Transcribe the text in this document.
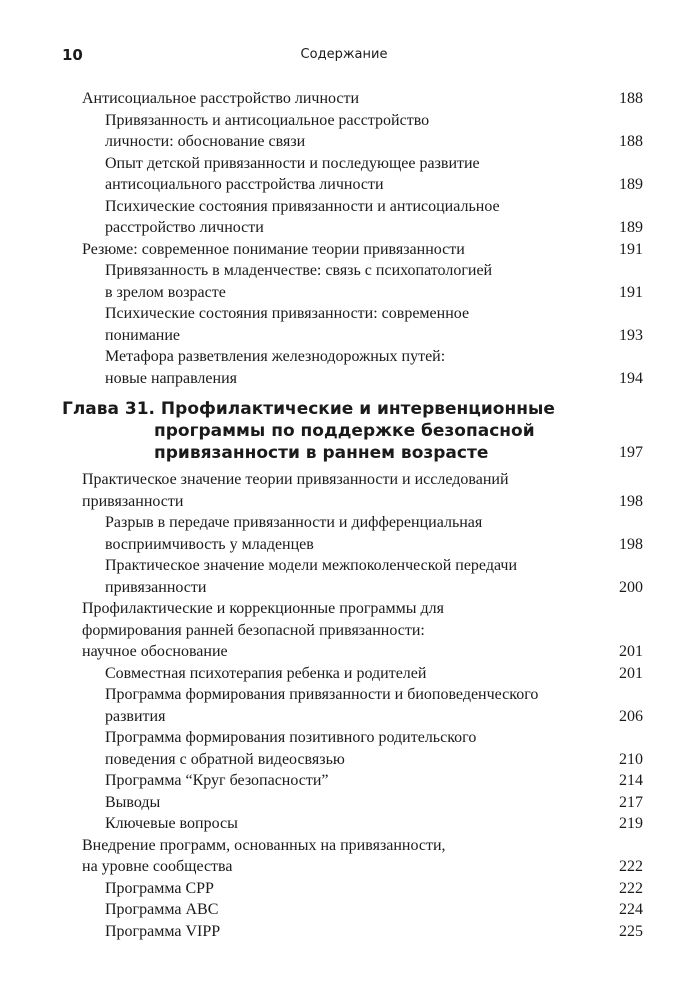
10	Содержание
Антисоциальное расстройство личности	188
Привязанность и антисоциальное расстройство
личности: обоснование связи	188
Опыт детской привязанности и последующее развитие
антисоциального расстройства личности	189
Психические состояния привязанности и антисоциальное
расстройство личности	189
Резюме: современное понимание теории привязанности	191
Привязанность в младенчестве: связь с психопатологией
в зрелом возрасте	191
Психические состояния привязанности: современное
понимание	193
Метафора разветвления железнодорожных путей:
новые направления	194
Глава 31. Профилактические и интервенционные
программы по поддержке безопасной
привязанности в раннем возрасте	197
Практическое значение теории привязанности и исследований
привязанности	198
Разрыв в передаче привязанности и дифференциальная
восприимчивость у младенцев	198
Практическое значение модели межпоколенческой передачи
привязанности	200
Профилактические и коррекционные программы для
формирования ранней безопасной привязанности:
научное обоснование	201
Совместная психотерапия ребенка и родителей	201
Программа формирования привязанности и биоповеденческого
развития	206
Программа формирования позитивного родительского
поведения с обратной видеосвязью	210
Программа “Круг безопасности”	214
Выводы	217
Ключевые вопросы	219
Внедрение программ, основанных на привязанности,
на уровне сообщества	222
Программа CPP	222
Программа ABC	224
Программа VIPP	225
